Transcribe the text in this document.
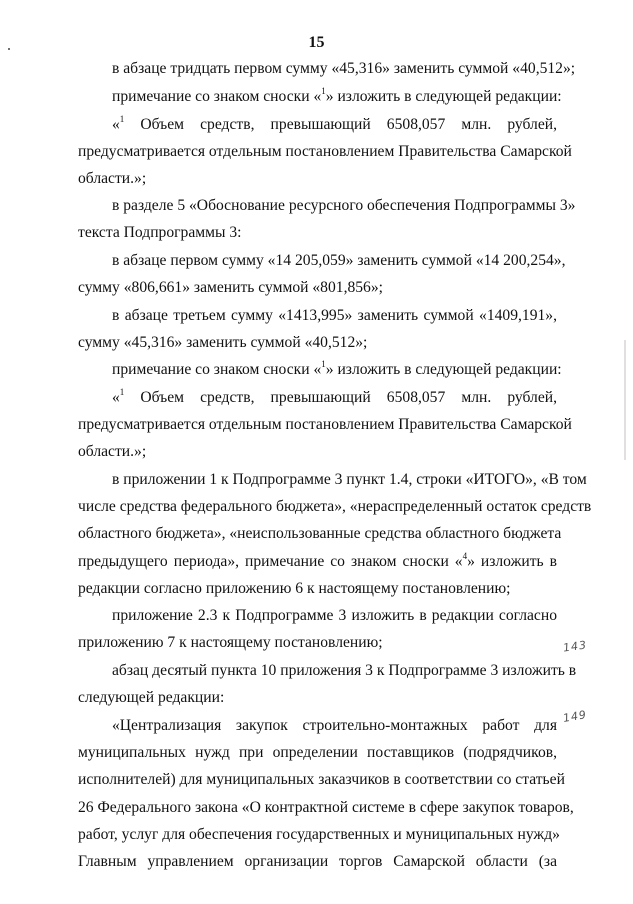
15
в абзаце тридцать первом сумму «45,316» заменить суммой «40,512»;
примечание со знаком сноски «$^1$» изложить в следующей редакции:
«$^1$ Объем средств, превышающий 6508,057 млн. рублей,
предусматривается отдельным постановлением Правительства Самарской
области.»;
в разделе 5 «Обоснование ресурсного обеспечения Подпрограммы 3»
текста Подпрограммы 3:
в абзаце первом сумму «14 205,059» заменить суммой «14 200,254»,
сумму «806,661» заменить суммой «801,856»;
в абзаце третьем сумму «1413,995» заменить суммой «1409,191»,
сумму «45,316» заменить суммой «40,512»;
примечание со знаком сноски «$^1$» изложить в следующей редакции:
«$^1$ Объем средств, превышающий 6508,057 млн. рублей,
предусматривается отдельным постановлением Правительства Самарской
области.»;
в приложении 1 к Подпрограмме 3 пункт 1.4, строки «ИТОГО», «В том
числе средства федерального бюджета», «нераспределенный остаток средств
областного бюджета», «неиспользованные средства областного бюджета
предыдущего периода», примечание со знаком сноски «$^4$» изложить в
редакции согласно приложению 6 к настоящему постановлению;
приложение 2.3 к Подпрограмме 3 изложить в редакции согласно
приложению 7 к настоящему постановлению;
абзац десятый пункта 10 приложения 3 к Подпрограмме 3 изложить в
следующей редакции:
«Централизация закупок строительно-монтажных работ для
муниципальных нужд при определении поставщиков (подрядчиков,
исполнителей) для муниципальных заказчиков в соответствии со статьей
26 Федерального закона «О контрактной системе в сфере закупок товаров,
работ, услуг для обеспечения государственных и муниципальных нужд»
Главным управлением организации торгов Самарской области (за
143
149
